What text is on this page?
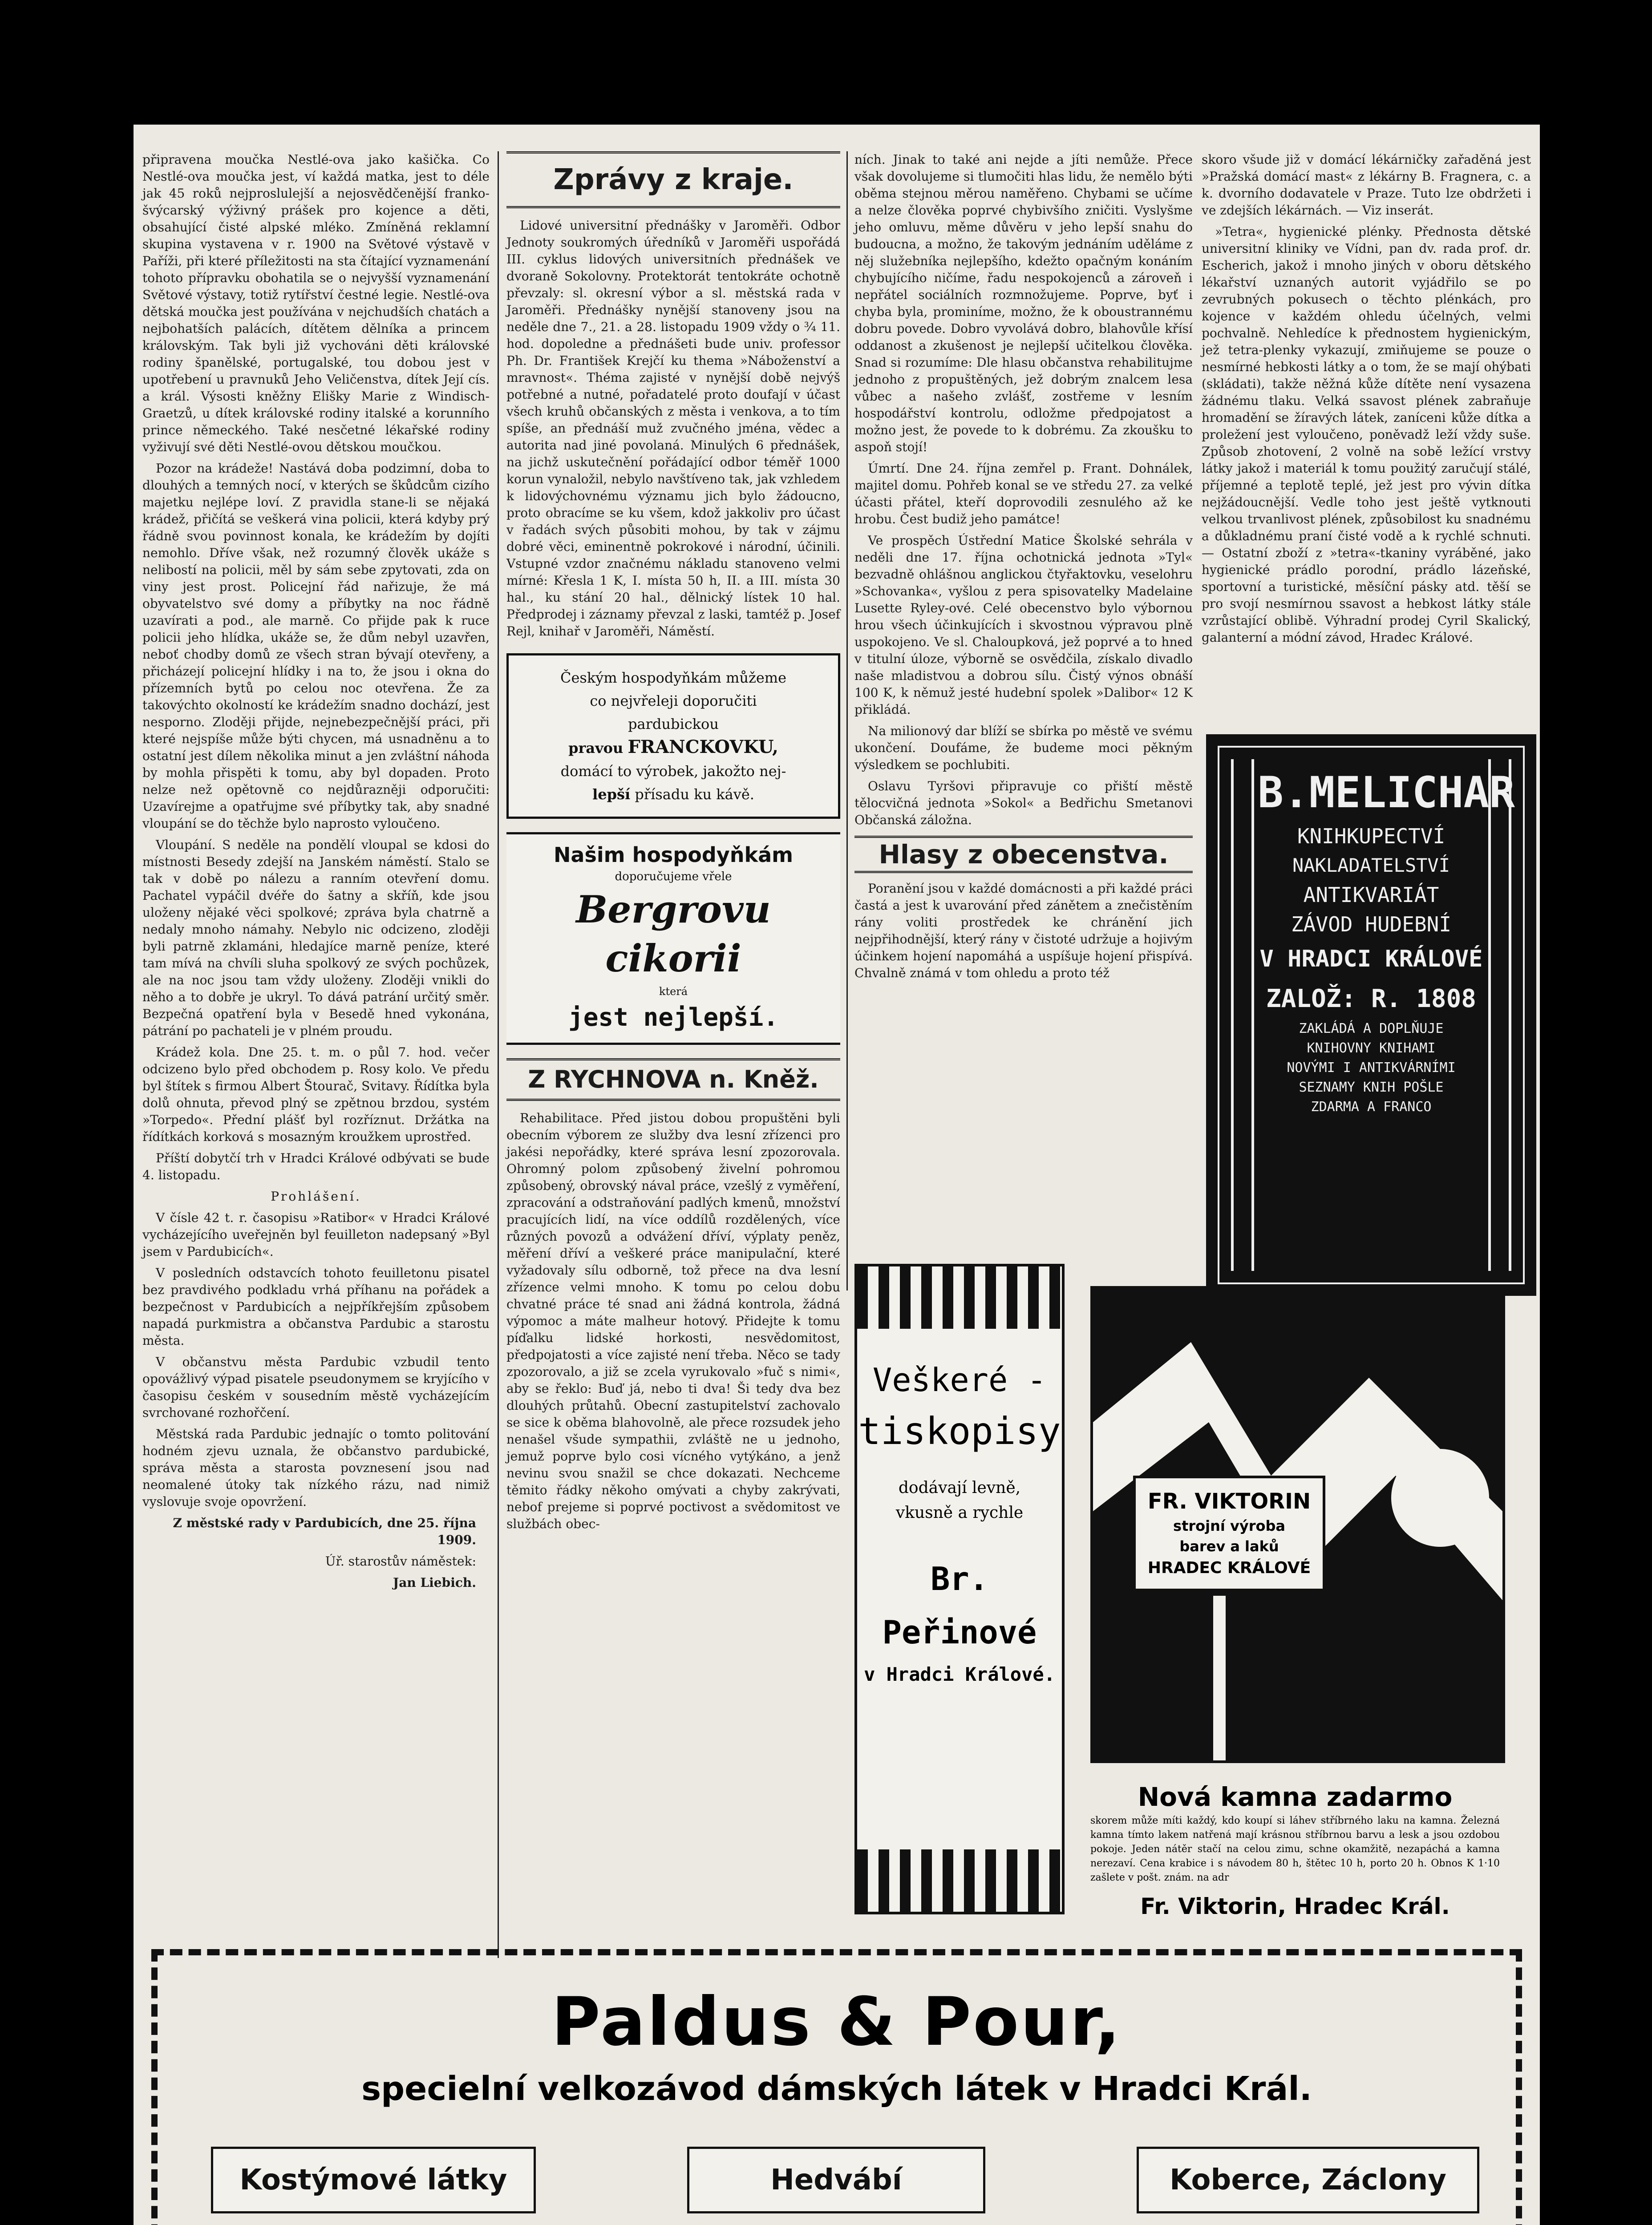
připravena moučka Nestlé-ova jako kašička. Co Nestlé-ova moučka jest, ví každá matka, jest to déle jak 45 roků nejproslulejší a nejosvědčenější franko-švýcarský výživný prášek pro kojence a děti, obsahující čisté alpské mléko. Zmíněná reklamní skupina vystavena v r. 1900 na Světové výstavě v Paříži, při které příležitosti na sta čítající vyznamenání tohoto přípravku obohatila se o nejvyšší vyznamenání Světové výstavy, totiž rytířství čestné legie. Nestlé-ova dětská moučka jest používána v nejchudších chatách a nejbohatších palácích, dítětem dělníka a princem královským. Tak byli již vychováni děti královské rodiny španělské, portugalské, tou dobou jest v upotřebení u pravnuků Jeho Veličenstva, dítek Její cís. a král. Výsosti kněžny Elišky Marie z Windisch-Graetzů, u dítek královské rodiny italské a korunního prince německého. Také nesčetné lékařské rodiny vyživují své děti Nestlé-ovou dětskou moučkou.

Pozor na krádeže! Nastává doba podzimní, doba to dlouhých a temných nocí, v kterých se škůdcům cizího majetku nejlépe loví. Z pravidla stane-li se nějaká krádež, přičítá se veškerá vina policii, která kdyby prý řádně svou povinnost konala, ke krádežím by dojíti nemohlo. Dříve však, než rozumný člověk ukáže s nelibostí na policii, měl by sám sebe zpytovati, zda on viny jest prost. Policejní řád nařizuje, že má obyvatelstvo své domy a příbytky na noc řádně uzavírati a pod., ale marně. Co přijde pak k ruce policii jeho hlídka, ukáže se, že dům nebyl uzavřen, neboť chodby domů ze všech stran bývají otevřeny, a přicházejí policejní hlídky i na to, že jsou i okna do přízemních bytů po celou noc otevřena. Že za takovýchto okolností ke krádežím snadno dochází, jest nesporno. Zloději přijde, nejnebezpečnější práci, při které nejspíše může býti chycen, má usnadněnu a to ostatní jest dílem několika minut a jen zvláštní náhoda by mohla přispěti k tomu, aby byl dopaden. Proto nelze než opětovně co nejdůrazněji odporučiti: Uzavírejme a opatřujme své příbytky tak, aby snadné vloupání se do těchže bylo naprosto vyloučeno.

Vloupání. S neděle na pondělí vloupal se kdosi do místnosti Besedy zdejší na Janském náměstí. Stalo se tak v době po nálezu a ranním otevření domu. Pachatel vypáčil dvéře do šatny a skříň, kde jsou uloženy nějaké věci spolkové; zpráva byla chatrně a nedaly mnoho námahy. Nebylo nic odcizeno, zloději byli patrně zklamáni, hledajíce marně peníze, které tam mívá na chvíli sluha spolkový ze svých pochůzek, ale na noc jsou tam vždy uloženy. Zloději vnikli do něho a to dobře je ukryl. To dává patrání určitý směr. Bezpečná opatření byla v Besedě hned vykonána, pátrání po pachateli je v plném proudu.

Krádež kola. Dne 25. t. m. o půl 7. hod. večer odcizeno bylo před obchodem p. Rosy kolo. Ve předu byl štítek s firmou Albert Štourač, Svitavy. Řídítka byla dolů ohnuta, převod plný se zpětnou brzdou, systém »Torpedo«. Přední plášť byl rozříznut. Držátka na řídítkách korková s mosazným kroužkem uprostřed.

Příští dobytčí trh v Hradci Králové odbývati se bude 4. listopadu.

Prohlášení.

V čísle 42 t. r. časopisu »Ratibor« v Hradci Králové vycházejícího uveřejněn byl feuilleton nadepsaný »Byl jsem v Pardubicích«.

V posledních odstavcích tohoto feuilletonu pisatel bez pravdivého podkladu vrhá příhanu na pořádek a bezpečnost v Pardubicích a nejpříkřejším způsobem napadá purkmistra a občanstva Pardubic a starostu města.

V občanstvu města Pardubic vzbudil tento opovážlivý výpad pisatele pseudonymem se kryjícího v časopisu českém v sousedním městě vycházejícím svrchované rozhořčení.

Městská rada Pardubic jednajíc o tomto politování hodném zjevu uznala, že občanstvo pardubické, správa města a starosta povznesení jsou nad neomalené útoky tak nízkého rázu, nad nimiž vyslovuje svoje opovržení.

Z městské rady v Pardubicích, dne 25. října 1909.

Úř. starostův náměstek:

Jan Liebich.

Zprávy z kraje.

Lidové universitní přednášky v Jaroměři. Odbor Jednoty soukromých úředníků v Jaroměři uspořádá III. cyklus lidových universitních přednášek ve dvoraně Sokolovny. Protektorát tentokráte ochotně převzaly: sl. okresní výbor a sl. městská rada v Jaroměři. Přednášky nynější stanoveny jsou na neděle dne 7., 21. a 28. listopadu 1909 vždy o ¾ 11. hod. dopoledne a přednášeti bude univ. professor Ph. Dr. František Krejčí ku thema »Náboženství a mravnost«. Théma zajisté v nynější době nejvýš potřebné a nutné, pořadatelé proto doufají v účast všech kruhů občanských z města i venkova, a to tím spíše, an přednáší muž zvučného jména, vědec a autorita nad jiné povolaná. Minulých 6 přednášek, na jichž uskutečnění pořádající odbor téměř 1000 korun vynaložil, nebylo navštíveno tak, jak vzhledem k lidovýchovnému významu jich bylo žádoucno, proto obracíme se ku všem, kdož jakkoliv pro účast v řadách svých působiti mohou, by tak v zájmu dobré věci, eminentně pokrokové i národní, účinili. Vstupné vzdor značnému nákladu stanoveno velmi mírné: Křesla 1 K, I. místa 50 h, II. a III. místa 30 hal., ku stání 20 hal., dělnický lístek 10 hal. Předprodej i záznamy převzal z laski, tamtéž p. Josef Rejl, knihař v Jaroměři, Náměstí.

Českým hospodyňkám můžeme
co nejvřeleji doporučiti
pardubickou
pravou FRANCKOVKU,
domácí to výrobek, jakožto nej-
lepší přísadu ku kávě.
Našim hospodyňkám
doporučujeme vřele
Bergrovu cikorii
která
jest nejlepší.
Z RYCHNOVA n. Kněž.

Rehabilitace. Před jistou dobou propuštěni byli obecním výborem ze služby dva lesní zřízenci pro jakési nepořádky, které správa lesní zpozorovala. Ohromný polom způsobený živelní pohromou způsobený, obrovský nával práce, vzešlý z vyměření, zpracování a odstraňování padlých kmenů, množství pracujících lidí, na více oddílů rozdělených, více různých povozů a odvážení dříví, výplaty peněz, měření dříví a veškeré práce manipulační, které vyžadovaly sílu odborně, tož přece na dva lesní zřízence velmi mnoho. K tomu po celou dobu chvatné práce té snad ani žádná kontrola, žádná výpomoc a máte malheur hotový. Přidejte k tomu píďalku lidské horkosti, nesvědomitost, předpojatosti a více zajisté není třeba. Něco se tady zpozorovalo, a již se zcela vyrukovalo »fuč s nimi«, aby se řeklo: Buď já, nebo ti dva! Ši tedy dva bez dlouhých průtahů. Obecní zastupitelství zachovalo se sice k oběma blahovolně, ale přece rozsudek jeho nenašel všude sympathii, zvláště ne u jednoho, jemuž poprve bylo cosi vícného vytýkáno, a jenž nevinu svou snažil se chce dokazati. Nechceme těmito řádky někoho omývati a chyby zakrývati, nebof prejeme si poprvé poctivost a svědomitost ve službách obec-

ních. Jinak to také ani nejde a jíti nemůže. Přece však dovolujeme si tlumočiti hlas lidu, že nemělo býti oběma stejnou měrou naměřeno. Chybami se učíme a nelze člověka poprvé chybivšího zničiti. Vyslyšme jeho omluvu, měme důvěru v jeho lepší snahu do budoucna, a možno, že takovým jednáním uděláme z něj služebníka nejlepšího, kdežto opačným konáním chybujícího ničíme, řadu nespokojenců a zároveň i nepřátel sociálních rozmnožujeme. Poprve, byť i chyba byla, prominíme, možno, že k oboustrannému dobru povede. Dobro vyvolává dobro, blahovůle křísí oddanost a zkušenost je nejlepší učitelkou člověka. Snad si rozumíme: Dle hlasu občanstva rehabilitujme jednoho z propuštěných, jež dobrým znalcem lesa vůbec a našeho zvlášť, zostřeme v lesním hospodářství kontrolu, odložme předpojatost a možno jest, že povede to k dobrému. Za zkoušku to aspoň stojí!

Úmrtí. Dne 24. října zemřel p. Frant. Dohnálek, majitel domu. Pohřeb konal se ve středu 27. za velké účasti přátel, kteří doprovodili zesnulého až ke hrobu. Čest budiž jeho památce!

Ve prospěch Ústřední Matice Školské sehrála v neděli dne 17. října ochotnická jednota »Tyl« bezvadně ohlášnou anglickou čtyřaktovku, veselohru »Schovanka«, vyšlou z pera spisovatelky Madelaine Lusette Ryley-ové. Celé obecenstvo bylo výbornou hrou všech účinkujících i skvostnou výpravou plně uspokojeno. Ve sl. Chaloupková, jež poprvé a to hned v titulní úloze, výborně se osvědčila, získalo divadlo naše mladistvou a dobrou sílu. Čistý výnos obnáší 100 K, k němuž jesté hudební spolek »Dalibor« 12 K přikládá.

Na milionový dar blíží se sbírka po městě ve svému ukončení. Doufáme, že budeme moci pěkným výsledkem se pochlubiti.

Oslavu Tyršovi připravuje co přiští městě tělocvičná jednota »Sokol« a Bedřichu Smetanovi Občanská záložna.

Hlasy z obecenstva.

Poranění jsou v každé domácnosti a při každé práci častá a jest k uvarování před zánětem a znečistěním rány voliti prostředek ke chránění jich nejpřihodnější, který rány v čistoté udržuje a hojivým účinkem hojení napomáhá a uspíšuje hojení přispívá. Chvalně známá v tom ohledu a proto též

skoro všude již v domácí lékárničky zařaděná jest »Pražská domácí mast« z lékárny B. Fragnera, c. a k. dvorního dodavatele v Praze. Tuto lze obdržeti i ve zdejších lékárnách. — Viz inserát.

»Tetra«, hygienické plénky. Přednosta dětské universitní kliniky ve Vídni, pan dv. rada prof. dr. Escherich, jakož i mnoho jiných v oboru dětského lékařství uznaných autorit vyjádřilo se po zevrubných pokusech o těchto plénkách, pro kojence v každém ohledu účelných, velmi pochvalně. Nehledíce k přednostem hygienickým, jež tetra-plenky vykazují, zmiňujeme se pouze o nesmírné hebkosti látky a o tom, že se mají ohýbati (skládati), takže něžná kůže dítěte není vysazena žádnému tlaku. Velká ssavost plének zabraňuje hromadění se žíravých látek, zaníceni kůže dítka a proležení jest vyloučeno, poněvadž leží vždy suše. Způsob zhotovení, 2 volně na sobě ležící vrstvy látky jakož i materiál k tomu použitý zaručují stálé, příjemné a teplotě teplé, jež jest pro vývin dítka nejžádoucnější. Vedle toho jest ještě vytknouti velkou trvanlivost plének, způsobilost ku snadnému a důkladnému praní čisté vodě a k rychlé schnuti. — Ostatní zboží z »tetra«-tkaniny vyráběné, jako hygienické prádlo porodní, prádlo lázeňské, sportovní a turistické, měsíční pásky atd. těší se pro svojí nesmírnou ssavost a hebkost látky stále vzrůstající oblibě. Výhradní prodej Cyril Skalický, galanterní a módní závod, Hradec Králové.

B.MELICHAR
KNIHKUPECTVÍ
NAKLADATELSTVÍ
ANTIKVARIÁT
ZÁVOD HUDEBNÍ
V HRADCI KRÁLOVÉ
ZALOŽ: R. 1808
ZAKLÁDÁ A DOPLŇUJE
KNIHOVNY KNIHAMI
NOVÝMI I ANTIKVÁRNÍMI
SEZNAMY KNIH POŠLE
ZDARMA A FRANCO
Veškeré -
tiskopisy
dodávají levně,
vkusně a rychle
Br. Peřinové
v Hradci Králové.
FR. VIKTORIN
strojní výroba
barev a laků
HRADEC KRÁLOVÉ
Nová kamna zadarmo
skorem může míti každý, kdo koupí si láhev stříbrného laku na kamna. Železná kamna tímto lakem natřená mají krásnou stříbrnou barvu a lesk a jsou ozdobou pokoje. Jeden nátěr stačí na celou zimu, schne okamžitě, nezapáchá a kamna nerezaví. Cena krabice i s návodem 80 h, štětec 10 h, porto 20 h. Obnos K 1·10 zašlete v pošt. znám. na adr
Fr. Viktorin, Hradec Král.
Paldus & Pour,
specielní velkozávod dámských látek v Hradci Král.
Kostýmové látky	Hedvábí	Koberce, Záclony
